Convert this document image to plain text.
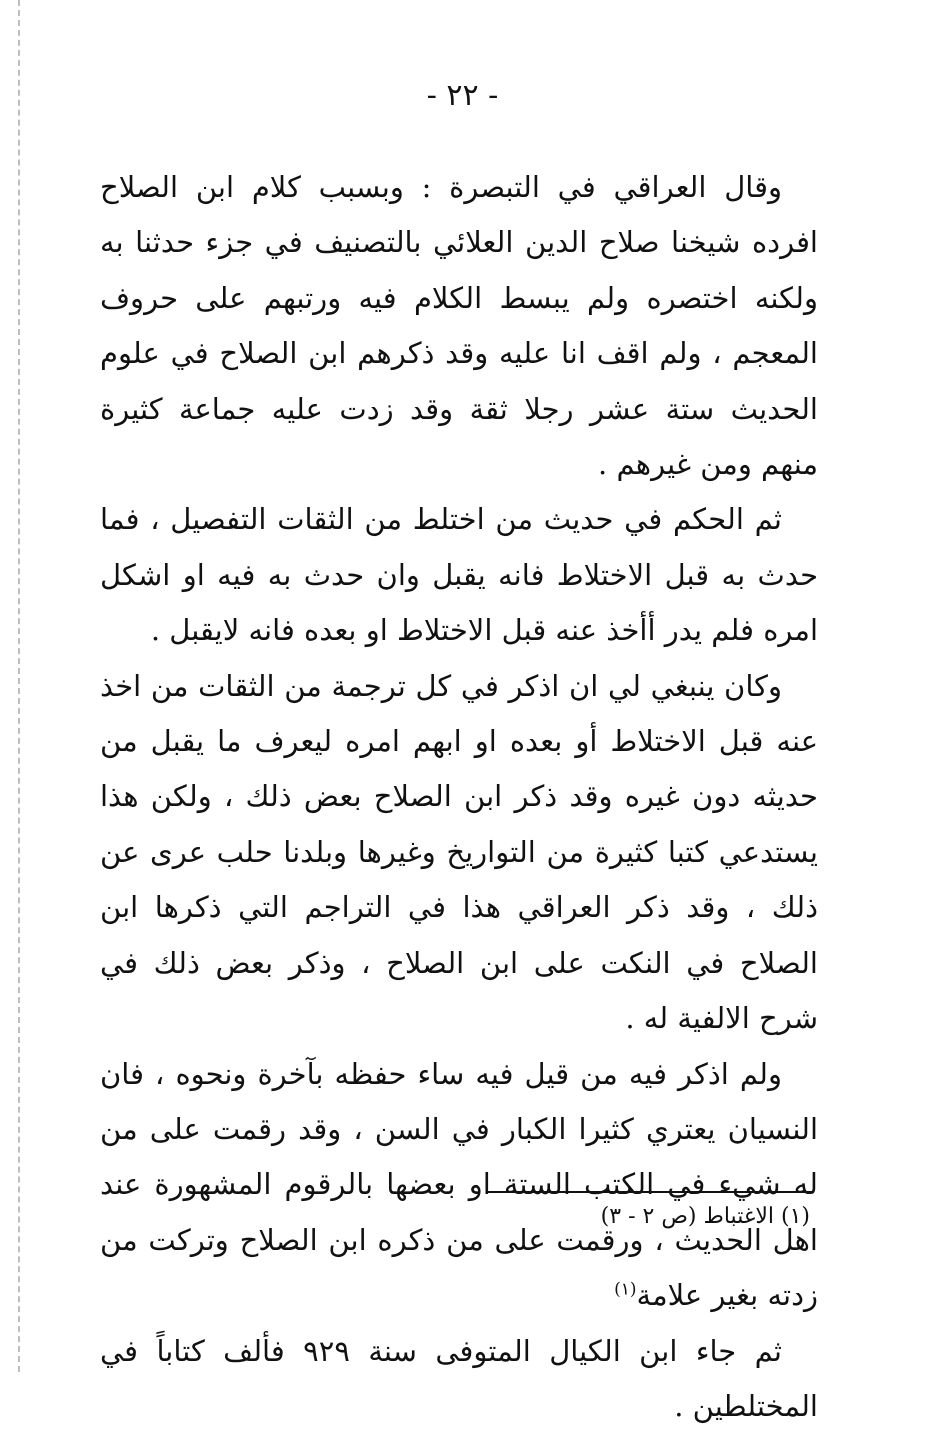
- ٢٢ -

وقال العراقي في التبصرة : وبسبب كلام ابن الصلاح افرده شيخنا صلاح الدين العلائي بالتصنيف في جزء حدثنا به ولكنه اختصره ولم يبسط الكلام فيه ورتبهم على حروف المعجم ، ولم اقف انا عليه وقد ذكرهم ابن الصلاح في علوم الحديث ستة عشر رجلا ثقة وقد زدت عليه جماعة كثيرة منهم ومن غيرهم .

ثم الحكم في حديث من اختلط من الثقات التفصيل ، فما حدث به قبل الاختلاط فانه يقبل وان حدث به فيه او اشكل امره فلم يدر أأخذ عنه قبل الاختلاط او بعده فانه لايقبل .

وكان ينبغي لي ان اذكر في كل ترجمة من الثقات من اخذ عنه قبل الاختلاط أو بعده او ابهم امره ليعرف ما يقبل من حديثه دون غيره وقد ذكر ابن الصلاح بعض ذلك ، ولكن هذا يستدعي كتبا كثيرة من التواريخ وغيرها وبلدنا حلب عرى عن ذلك ، وقد ذكر العراقي هذا في التراجم التي ذكرها ابن الصلاح في النكت على ابن الصلاح ، وذكر بعض ذلك في شرح الالفية له .

ولم اذكر فيه من قيل فيه ساء حفظه بآخرة ونحوه ، فان النسيان يعتري كثيرا الكبار في السن ، وقد رقمت على من له شيء في الكتب الستة او بعضها بالرقوم المشهورة عند اهل الحديث ، ورقمت على من ذكره ابن الصلاح وتركت من زدته بغير علامة$^{(١)}$

ثم جاء ابن الكيال المتوفى سنة ٩٢٩ فألف كتاباً في المختلطين .

(١) الاغتباط (ص ٢ - ٣)
